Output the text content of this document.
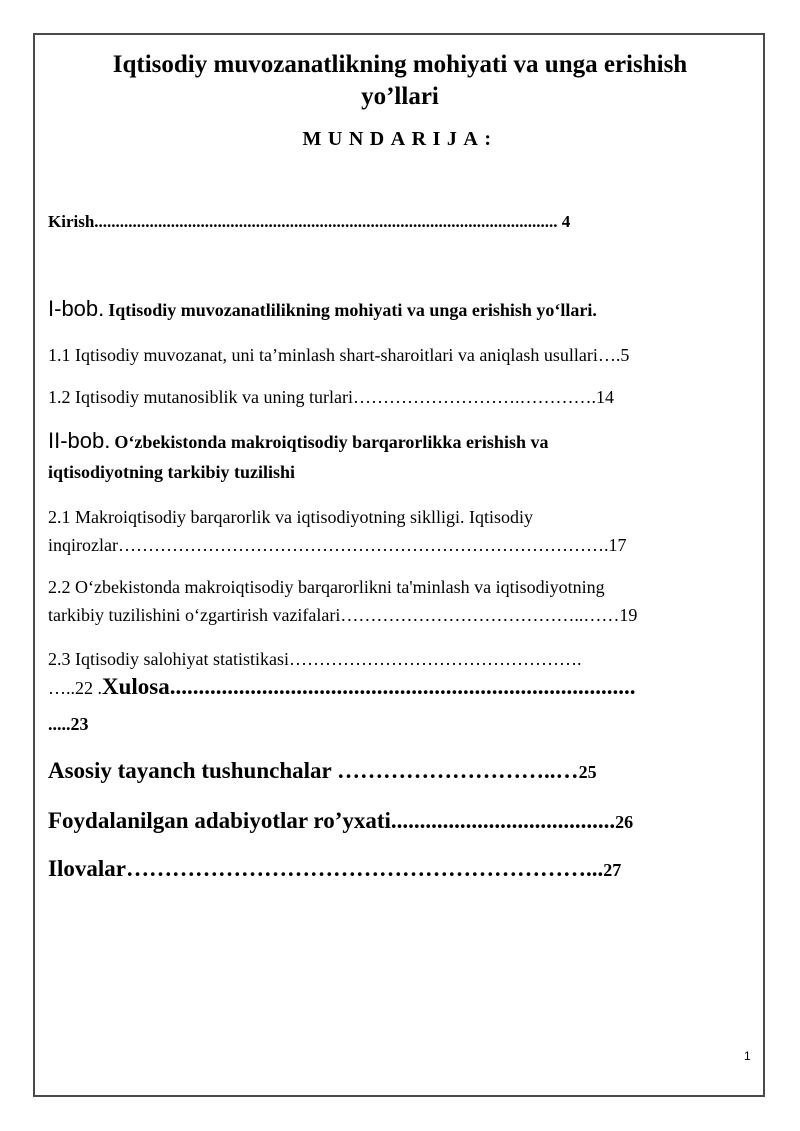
Iqtisodiy muvozanatlikning mohiyati va unga erishish

yo’llari

MUNDARIJA:

Kirish............................................................................................................. 4

I-bob. Iqtisodiy muvozanatlilikning mohiyati va unga erishish yo‘llari.

1.1 Iqtisodiy muvozanat, uni ta’minlash shart-sharoitlari va aniqlash usullari….5

1.2 Iqtisodiy mutanosiblik va uning turlari……………………….………….14

II-bob. O‘zbekistonda makroiqtisodiy barqarorlikka erishish va

iqtisodiyotning tarkibiy tuzilishi

2.1 Makroiqtisodiy barqarorlik va iqtisodiyotning siklligi. Iqtisodiy

inqirozlar……………………………………………………………………….17

2.2 O‘zbekistonda makroiqtisodiy barqarorlikni ta'minlash va iqtisodiyotning

tarkibiy tuzilishini o‘zgartirish vazifalari…………………………………..……19

2.3 Iqtisodiy salohiyat statistikasi………………………………………….

…..22 .Xulosa.................................................................................

.....23

Asosiy tayanch tushunchalar ………………………..…25

Foydalanilgan adabiyotlar ro’yxati.......................................26

Ilovalar……………………………………………………...27

1
